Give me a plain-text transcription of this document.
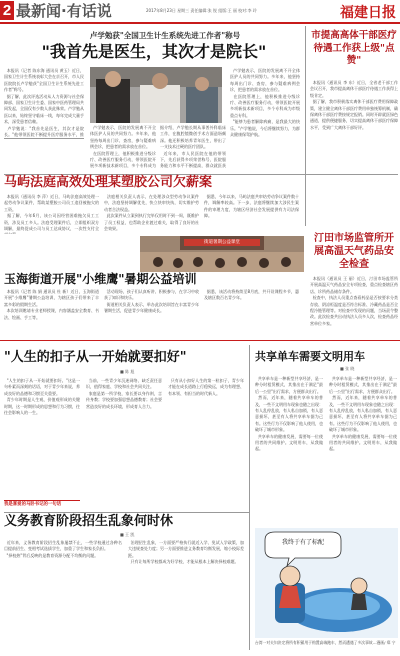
2 最新闻·有话说	2017年8月23日 星期三 责任编辑:张 锐 组版:王 丽 校对:李 玲	福建日报
卢学勉获"全国卫生计生系统先进工作者"称号
"我首先是医生，其次才是院长"
本报讯（记者 陈东海 通讯员 黄玉）近日，国家卫生计生系统表彰大会在京召开，市人民医院院长卢学勉获"全国卫生计生系统先进工作者"称号。
据了解，此次评选活动从人力资源与社会保障部、国家卫生计生委、国家中医药管理局共同发起，全国仅有少数人获此殊荣。卢学勉从医以来，始终坚守临床一线，每年完成大量手术，深受患者信赖。
卢学勉说："我首先是医生，其次才是院长。"他带领医院不断提升医疗服务水平，推
卢学勉表示，医院的发展离不开全体医护人员的共同努力。多年来，他坚持每周出门诊、查房，参与疑难病例会诊，把患者的需求放在首位。
在医院管理上，他积极推进分级诊疗、改善医疗服务行动，带领医院开展多项新技术新项目，多个专科成为

据介绍，卢学勉长期从事普外科临床工作，在腹腔镜微创手术方面造诣颇深。他还积极培养青年医生，带出了一支技术过硬的医疗团队。
近年来，市人民医院在他的带领下，先后获得多项荣誉称号，医院服务能力和水平不断提高，群众就医获
卢学勉表示，医院的发展离不开全体医护人员的共同努力。多年来，他坚持每周出门诊、查房，参与疑难病例会诊，把患者的需求放在首位。
在医院管理上，他积极推进分级诊疗、改善医疗服务行动，带领医院开展多项新技术新项目，多个专科成为市级重点专科。
"能够为患者解除病痛，是我最大的快乐。"卢学勉说，今后将继续努力，为群众健康保驾护航。
市提高高体干部医疗待遇工作获上级"点赞"
本报讯（通讯员 李 东）近日，全省老干部工作会议召开，我市提高离休干部医疗待遇工作获得上级肯定。
据了解，我市积极落实离休干部医疗费用保障政策，建立健全离休干部医疗费用单独统筹机制，确保离休干部医疗费按规定报销。同时开辟就医绿色通道，提供便捷服务，切实提高离休干部医疗保障水平，受到广大离休干部好评。
马屿法庭高效处理某塑胶公司欠薪案
本报讯（通讯员 李 萍）近日，马屿法庭高效处理一起劳动争议案件，帮助某塑胶公司员工追回被拖欠的工资。
据了解，今年6月，该公司因经营困难拖欠员工工资，涉及员工多人。法庭受理案件后，立即组织双方调解，最终促成公司与员工达成协议，一次性支付全
法庭相关负责人表示，在处理涉众型劳动争议案件中，法庭坚持调解优先，快立快审快执，切实维护劳动者合法权益。
此次案件从立案到执行完毕仅用时不到一周，既维护了员工权益，也帮助企业渡过难关，取得了良好的社会效果。
据悉，今年以来，马屿法庭共审结劳动争议案件数十件，调解率较高。下一步，法庭将继续加大涉民生案件的审理力度，为辖区经济社会发展提供有力司法保障。
汀田市场监管所开展高温天气药品安全检查
本报讯（通讯员 王 丽）近日，汀田市场监管所开展高温天气药品安全专项检查，重点检查辖区药店、诊所药品储存条件。
检查中，执法人员重点查看药品是否按要求分类存放、阴凉柜温度是否符合标准、冷藏药品是否全程冷链管理等。对检查中发现的问题，当场责令整改。此次检查共出动执法人员多人次，检查药品经营单位多家。
街道暑期公益课堂
玉海街道开展"小维鹰"暑期公益培训
本报讯（记者 陈 娟 通讯员 杜 新）近日，玉海街道开展"小维鹰"暑期公益培训，为辖区孩子们带来了丰富多彩的假期生活。
本次培训邀请专业老师授课，内容涵盖安全教育、书法、绘画、手工等。
活动现场，孩子们认真听讲、积极参与，在学习中收获了知识和快乐。
街道相关负责人表示，举办此次培训旨在丰富青少年暑期生活，促进青少年健康成长。
据悉，该活动将持续至8月底，共开设课程多节，惠及辖区数百名青少年。
"人生的扣子从一开始就要扣好"
■ 陈 旭
"人生的扣子从一开始就要扣好。"这是一句朴素而深刻的话语，对于青少年来说，养成良好的品德和习惯至关重要。
青少年时期是人生观、价值观形成的关键时期，这一时期形成的思想和行为习惯，往往会影响人的一生。
当前，一些青少年沉迷网络、缺乏责任意识，值得家庭、学校和社会共同关注。
家庭是第一所学校，家长要以身作则，言传身教；学校要加强思想品德教育；社会要营造良好的成长环境，形成育人合力。
只有从小扣好人生的第一粒扣子，青少年才能在成长道路上行稳致远，成为有理想、有本领、有担当的时代新人。
我是喜爱的马卧书记的一句话
共享单车需要文明用车
■ 张 晓
共享单车是一种新型共享经济，是一种分时租赁模式，其推出在于满足"最后一公里"出行需求，方便群众出行。
然而，近年来，随着共享单车的普及，一些不文明用车现象也随之出现：有人乱停乱放，有人私自加锁，有人恶意损坏，甚至有人将共享单车据为己有。这些行为不仅影响了他人使用，也破坏了城市形象。
共享单车的健康发展，需要每一位使用者的共同维护。文明用车，从我做起。
共享单车是一种新型共享经济，是一种分时租赁模式，其推出在于满足"最后一公里"出行需求，方便群众出行。
然而，近年来，随着共享单车的普及，一些不文明用车现象也随之出现：有人乱停乱放，有人私自加锁，有人恶意损坏，甚至有人将共享单车据为己有。这些行为不仅影响了他人使用，也破坏了城市形象。
共享单车的健康发展，需要每一位使用者的共同维护。文明用车，从我做起。
义务教育阶段招生乱象何时休
■ 王 凯
近年来，义务教育阶段招生乱象屡禁不止，一些学校通过各种名目提前招生、变相考试选拔学生，加重了学生和家长负担。
"择校热"背后反映的是教育资源分配不均衡的问题。
治理招生乱象，一方面要严格执行就近入学、免试入学政策，加大违规查处力度；另一方面要推进义务教育均衡发展，缩小校际差距。
只有让每所学校都成为好学校，才能从根本上解决择校难题。
我终于有了标配
台湾一对夫妇决定将所有积蓄用于购置高端跑车，然而遭遇了多次事故…漫画/ 郑 宁
